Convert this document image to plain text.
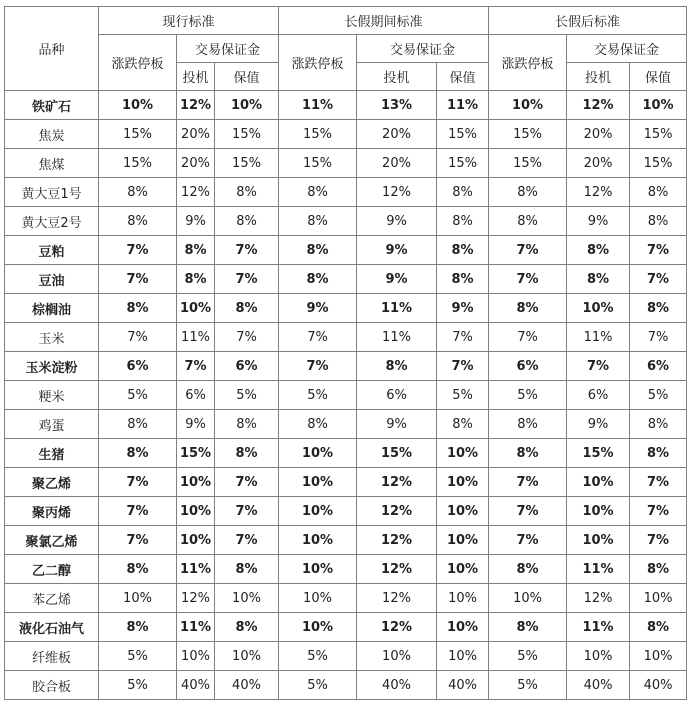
品种	现行标准			长假期间标准			长假后标准		
	涨跌停板	交易保证金		涨跌停板	交易保证金		涨跌停板	交易保证金	
		投机	保值		投机	保值		投机	保值
铁矿石	10%	12%	10%	11%	13%	11%	10%	12%	10%
焦炭	15%	20%	15%	15%	20%	15%	15%	20%	15%
焦煤	15%	20%	15%	15%	20%	15%	15%	20%	15%
黄大豆1号	8%	12%	8%	8%	12%	8%	8%	12%	8%
黄大豆2号	8%	9%	8%	8%	9%	8%	8%	9%	8%
豆粕	7%	8%	7%	8%	9%	8%	7%	8%	7%
豆油	7%	8%	7%	8%	9%	8%	7%	8%	7%
棕榈油	8%	10%	8%	9%	11%	9%	8%	10%	8%
玉米	7%	11%	7%	7%	11%	7%	7%	11%	7%
玉米淀粉	6%	7%	6%	7%	8%	7%	6%	7%	6%
粳米	5%	6%	5%	5%	6%	5%	5%	6%	5%
鸡蛋	8%	9%	8%	8%	9%	8%	8%	9%	8%
生猪	8%	15%	8%	10%	15%	10%	8%	15%	8%
聚乙烯	7%	10%	7%	10%	12%	10%	7%	10%	7%
聚丙烯	7%	10%	7%	10%	12%	10%	7%	10%	7%
聚氯乙烯	7%	10%	7%	10%	12%	10%	7%	10%	7%
乙二醇	8%	11%	8%	10%	12%	10%	8%	11%	8%
苯乙烯	10%	12%	10%	10%	12%	10%	10%	12%	10%
液化石油气	8%	11%	8%	10%	12%	10%	8%	11%	8%
纤维板	5%	10%	10%	5%	10%	10%	5%	10%	10%
胶合板	5%	40%	40%	5%	40%	40%	5%	40%	40%
